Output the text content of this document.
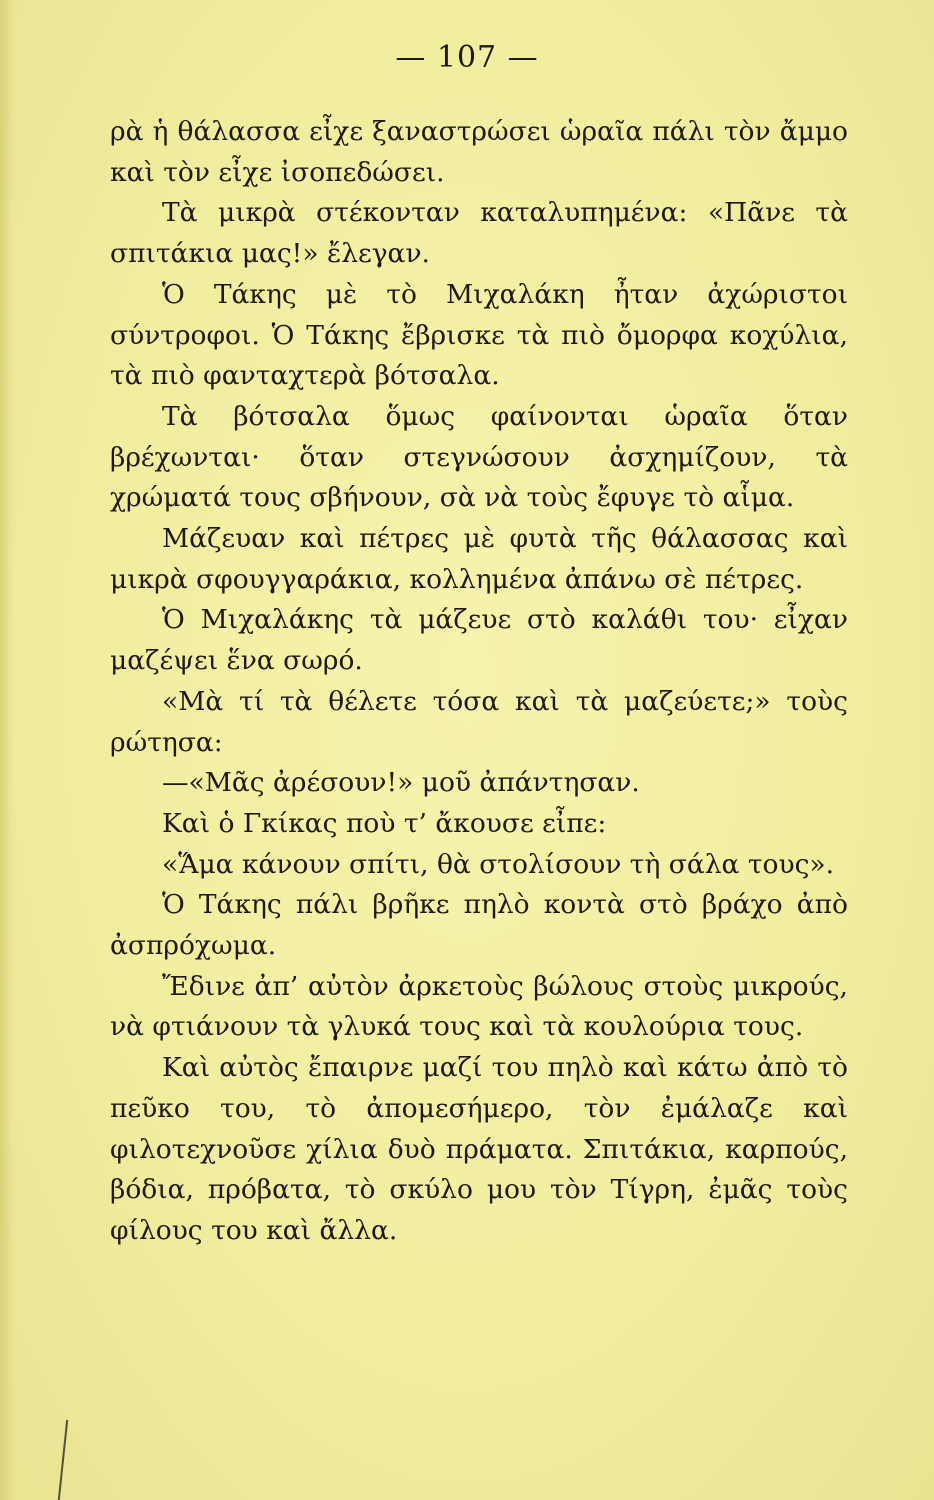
— 107 —

ρὰ ἡ θάλασσα εἶχε ξαναστρώσει ὡραῖα πάλι τὸν ἄμμο καὶ τὸν εἶχε ἰσοπεδώσει.

Τὰ μικρὰ στέκονταν καταλυπημένα: «Πᾶνε τὰ σπιτάκια μας!» ἔλεγαν.

Ὁ Τάκης μὲ τὸ Μιχαλάκη ἦταν ἀχώριστοι σύντροφοι. Ὁ Τάκης ἔβρισκε τὰ πιὸ ὄμορφα κοχύλια, τὰ πιὸ φανταχτερὰ βότσαλα.

Τὰ βότσαλα ὅμως φαίνονται ὡραῖα ὅταν βρέχωνται· ὅταν στεγνώσουν ἀσχημίζουν, τὰ χρώματά τους σβήνουν, σὰ νὰ τοὺς ἔφυγε τὸ αἷμα.

Μάζευαν καὶ πέτρες μὲ φυτὰ τῆς θάλασσας καὶ μικρὰ σφουγγαράκια, κολλημένα ἀπάνω σὲ πέτρες.

Ὁ Μιχαλάκης τὰ μάζευε στὸ καλάθι του· εἶχαν μαζέψει ἕνα σωρό.

«Μὰ τί τὰ θέλετε τόσα καὶ τὰ μαζεύετε;» τοὺς ρώτησα:

—«Μᾶς ἀρέσουν!» μοῦ ἀπάντησαν.

Καὶ ὁ Γκίκας ποὺ τ’ ἄκουσε εἶπε:

«Ἅμα κάνουν σπίτι, θὰ στολίσουν τὴ σάλα τους».

Ὁ Τάκης πάλι βρῆκε πηλὸ κοντὰ στὸ βράχο ἀπὸ ἀσπρόχωμα.

Ἔδινε ἀπ’ αὐτὸν ἀρκετοὺς βώλους στοὺς μικρούς, νὰ φτιάνουν τὰ γλυκά τους καὶ τὰ κουλούρια τους.

Καὶ αὐτὸς ἔπαιρνε μαζί του πηλὸ καὶ κάτω ἀπὸ τὸ πεῦκο του, τὸ ἀπομεσήμερο, τὸν ἐμάλαζε καὶ φιλοτεχνοῦσε χίλια δυὸ πράματα. Σπιτάκια, καρπούς, βόδια, πρόβατα, τὸ σκύλο μου τὸν Τίγρη, ἐμᾶς τοὺς φίλους του καὶ ἄλλα.
